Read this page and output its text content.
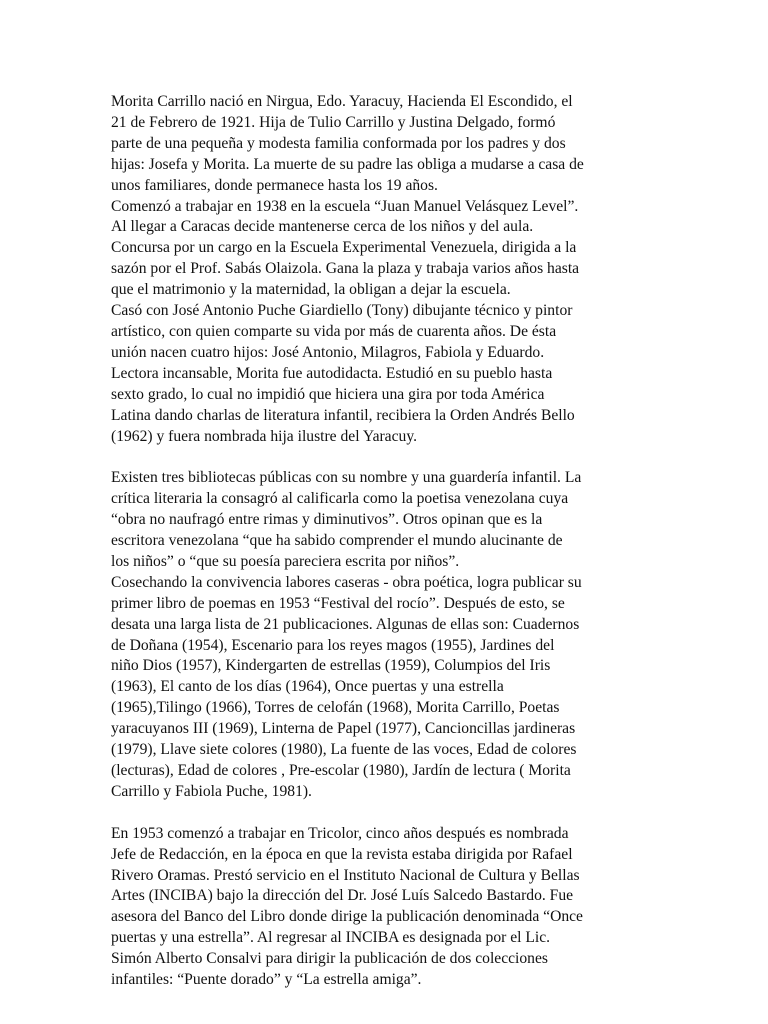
Morita Carrillo nació en Nirgua, Edo. Yaracuy, Hacienda El Escondido, el
21 de Febrero de 1921. Hija de Tulio Carrillo y Justina Delgado, formó
parte de una pequeña y modesta familia conformada por los padres y dos
hijas: Josefa y Morita. La muerte de su padre las obliga a mudarse a casa de
unos familiares, donde permanece hasta los 19 años.

Comenzó a trabajar en 1938 en la escuela “Juan Manuel Velásquez Level”.
Al llegar a Caracas decide mantenerse cerca de los niños y del aula.
Concursa por un cargo en la Escuela Experimental Venezuela, dirigida a la
sazón por el Prof. Sabás Olaizola. Gana la plaza y trabaja varios años hasta
que el matrimonio y la maternidad, la obligan a dejar la escuela.

Casó con José Antonio Puche Giardiello (Tony) dibujante técnico y pintor
artístico, con quien comparte su vida por más de cuarenta años. De ésta
unión nacen cuatro hijos: José Antonio, Milagros, Fabiola y Eduardo.

Lectora incansable, Morita fue autodidacta. Estudió en su pueblo hasta
sexto grado, lo cual no impidió que hiciera una gira por toda América
Latina dando charlas de literatura infantil, recibiera la Orden Andrés Bello
(1962) y fuera nombrada hija ilustre del Yaracuy.

Existen tres bibliotecas públicas con su nombre y una guardería infantil. La
crítica literaria la consagró al calificarla como la poetisa venezolana cuya
“obra no naufragó entre rimas y diminutivos”. Otros opinan que es la
escritora venezolana “que ha sabido comprender el mundo alucinante de
los niños” o “que su poesía pareciera escrita por niños”.

Cosechando la convivencia labores caseras - obra poética, logra publicar su
primer libro de poemas en 1953 “Festival del rocío”. Después de esto, se
desata una larga lista de 21 publicaciones. Algunas de ellas son: Cuadernos
de Doñana (1954), Escenario para los reyes magos (1955), Jardines del
niño Dios (1957), Kindergarten de estrellas (1959), Columpios del Iris
(1963), El canto de los días (1964), Once puertas y una estrella
(1965),Tilingo (1966), Torres de celofán (1968), Morita Carrillo, Poetas
yaracuyanos III (1969), Linterna de Papel (1977), Cancioncillas jardineras
(1979), Llave siete colores (1980), La fuente de las voces, Edad de colores
(lecturas), Edad de colores , Pre-escolar (1980), Jardín de lectura ( Morita
Carrillo y Fabiola Puche, 1981).

En 1953 comenzó a trabajar en Tricolor, cinco años después es nombrada
Jefe de Redacción, en la época en que la revista estaba dirigida por Rafael
Rivero Oramas. Prestó servicio en el Instituto Nacional de Cultura y Bellas
Artes (INCIBA) bajo la dirección del Dr. José Luís Salcedo Bastardo. Fue
asesora del Banco del Libro donde dirige la publicación denominada “Once
puertas y una estrella”. Al regresar al INCIBA es designada por el Lic.
Simón Alberto Consalvi para dirigir la publicación de dos colecciones
infantiles: “Puente dorado” y “La estrella amiga”.
